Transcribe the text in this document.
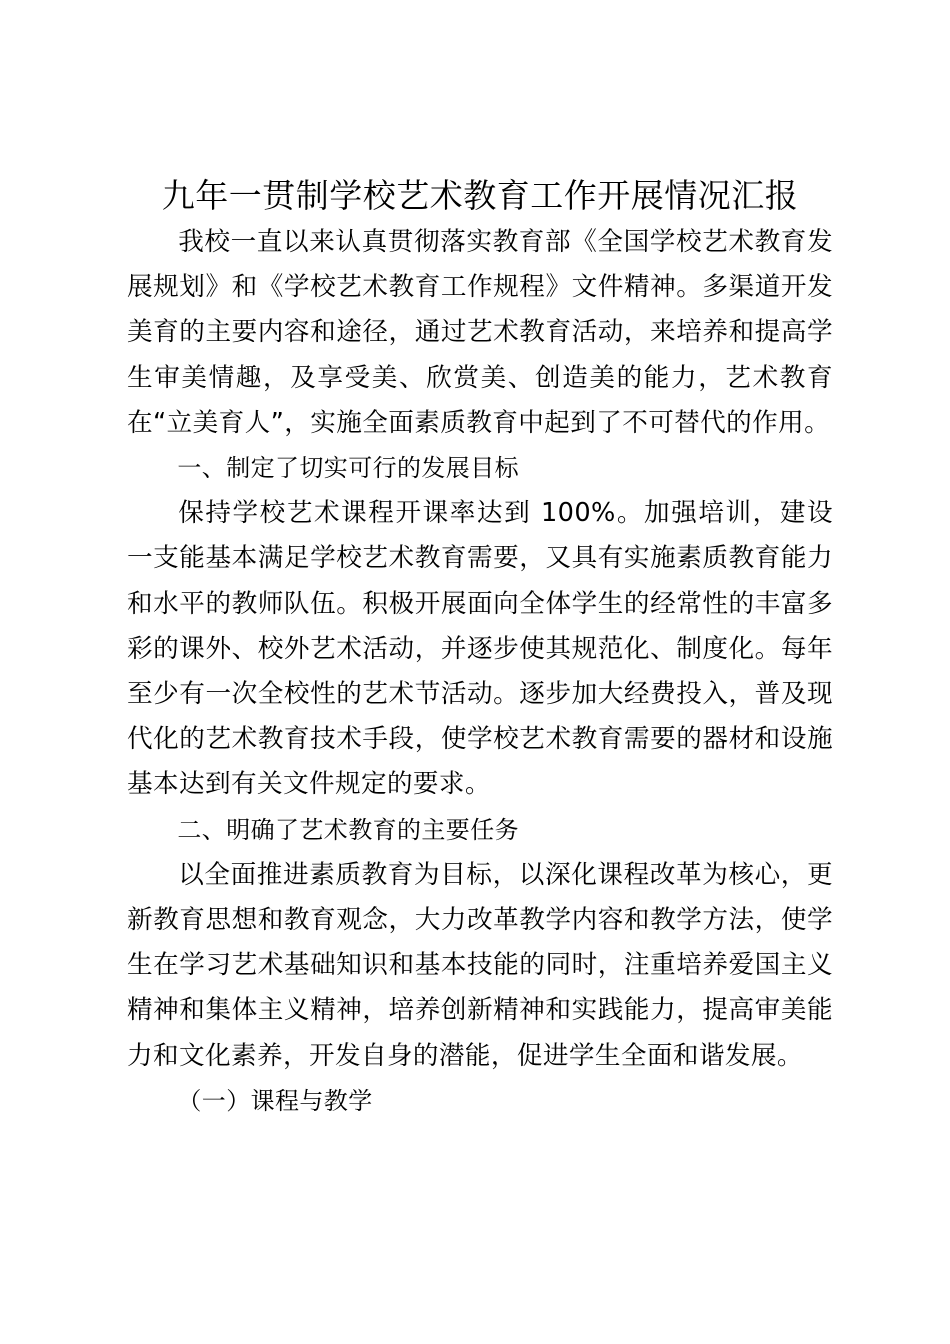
九年一贯制学校艺术教育工作开展情况汇报

我校一直以来认真贯彻落实教育部《全国学校艺术教育发展规划》和《学校艺术教育工作规程》文件精神。多渠道开发美育的主要内容和途径，通过艺术教育活动，来培养和提高学生审美情趣，及享受美、欣赏美、创造美的能力，艺术教育在“立美育人”，实施全面素质教育中起到了不可替代的作用。

一、制定了切实可行的发展目标

保持学校艺术课程开课率达到 100%。加强培训，建设一支能基本满足学校艺术教育需要，又具有实施素质教育能力和水平的教师队伍。积极开展面向全体学生的经常性的丰富多彩的课外、校外艺术活动，并逐步使其规范化、制度化。每年至少有一次全校性的艺术节活动。逐步加大经费投入，普及现代化的艺术教育技术手段，使学校艺术教育需要的器材和设施基本达到有关文件规定的要求。

二、明确了艺术教育的主要任务

以全面推进素质教育为目标，以深化课程改革为核心，更新教育思想和教育观念，大力改革教学内容和教学方法，使学生在学习艺术基础知识和基本技能的同时，注重培养爱国主义精神和集体主义精神，培养创新精神和实践能力，提高审美能力和文化素养，开发自身的潜能，促进学生全面和谐发展。

（一）课程与教学
